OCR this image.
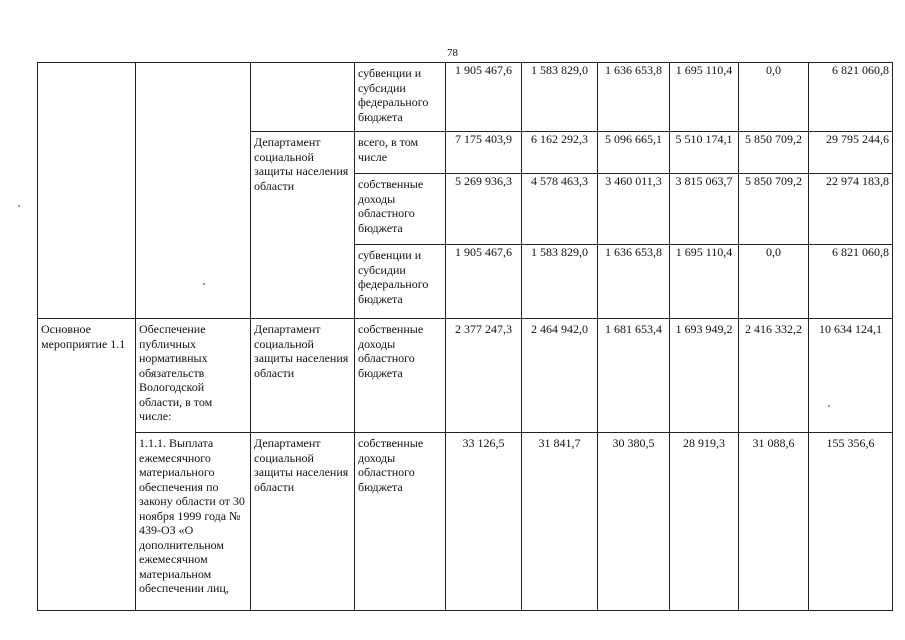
78
			субвенции и субсидии федерального бюджета	1 905 467,6	1 583 829,0	1 636 653,8	1 695 110,4	0,0	6 821 060,8
		Департамент социальной защиты населения области	всего, в том числе	7 175 403,9	6 162 292,3	5 096 665,1	5 510 174,1	5 850 709,2	29 795 244,6
			собственные доходы областного бюджета	5 269 936,3	4 578 463,3	3 460 011,3	3 815 063,7	5 850 709,2	22 974 183,8
			субвенции и субсидии федерального бюджета	1 905 467,6	1 583 829,0	1 636 653,8	1 695 110,4	0,0	6 821 060,8
Основное мероприятие 1.1	Обеспечение публичных нормативных обязательств Вологодской области, в том числе:	Департамент социальной защиты населения области	собственные доходы областного бюджета	2 377 247,3	2 464 942,0	1 681 653,4	1 693 949,2	2 416 332,2	10 634 124,1
	1.1.1. Выплата ежемесячного материального обеспечения по закону области от 30 ноября 1999 года № 439-ОЗ «О дополнительном ежемесячном материальном обеспечении лиц,	Департамент социальной защиты населения области	собственные доходы областного бюджета	33 126,5	31 841,7	30 380,5	28 919,3	31 088,6	155 356,6
